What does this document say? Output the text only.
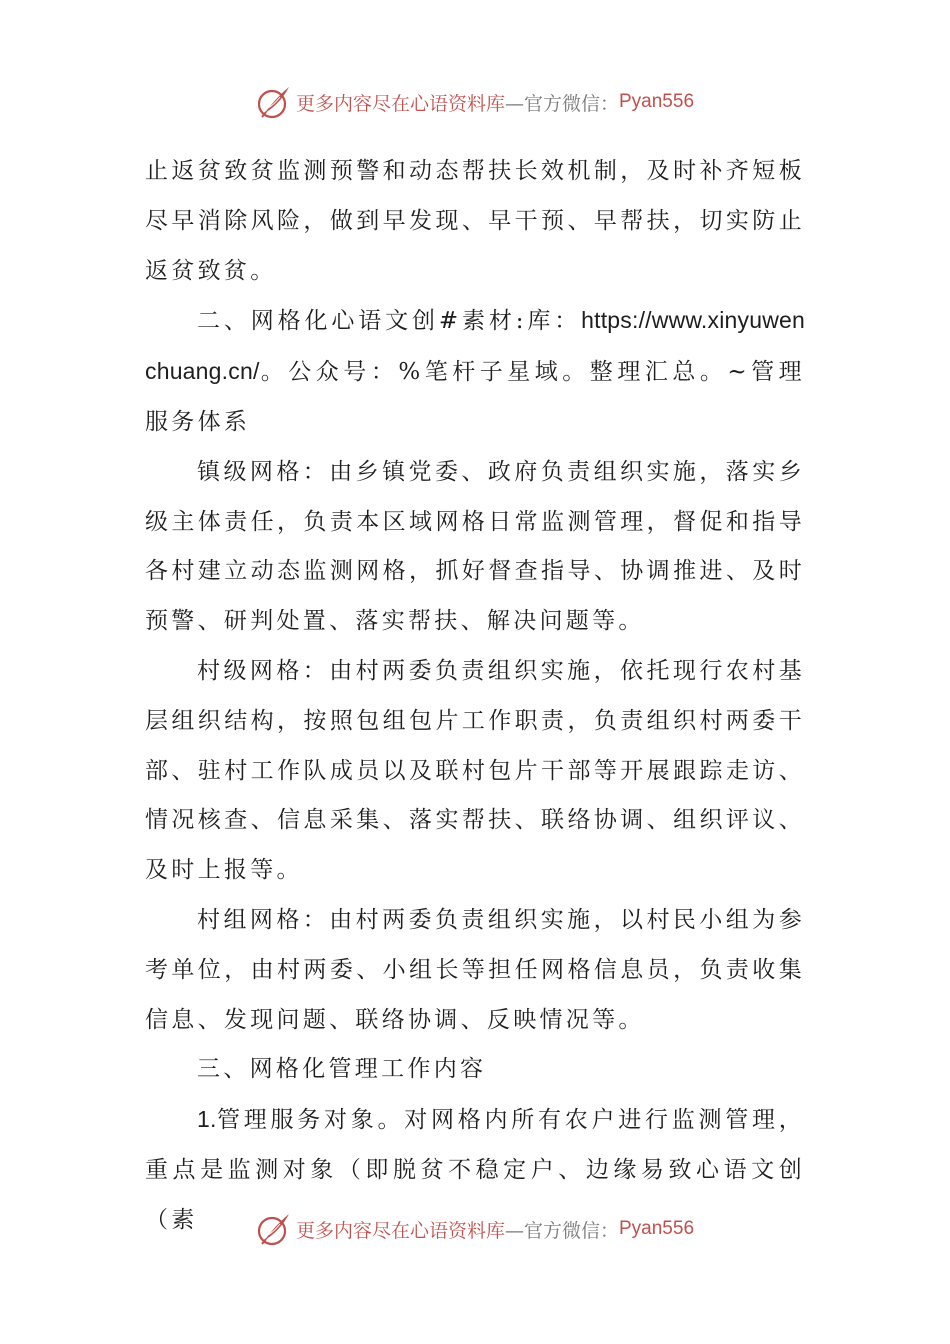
更多内容尽在心语资料库 —官方微信： Pyan556

止返贫致贫监测预警和动态帮扶长效机制，及时补齐短板尽早消除风险，做到早发现、早干预、早帮扶，切实防止返贫致贫。

二、网格化心语文创#素材:库：https://www.xinyuwenchuang.cn/。公众号：%笔杆子星域。整理汇总。~管理服务体系

镇级网格：由乡镇党委、政府负责组织实施，落实乡级主体责任，负责本区域网格日常监测管理，督促和指导各村建立动态监测网格，抓好督查指导、协调推进、及时预警、研判处置、落实帮扶、解决问题等。

村级网格：由村两委负责组织实施，依托现行农村基层组织结构，按照包组包片工作职责，负责组织村两委干部、驻村工作队成员以及联村包片干部等开展跟踪走访、情况核查、信息采集、落实帮扶、联络协调、组织评议、及时上报等。

村组网格：由村两委负责组织实施，以村民小组为参考单位，由村两委、小组长等担任网格信息员，负责收集信息、发现问题、联络协调、反映情况等。

三、网格化管理工作内容

1.管理服务对象。对网格内所有农户进行监测管理，重点是监测对象（即脱贫不稳定户、边缘易致心语文创（素	更多内容尽在心语资料库 —官方微信： Pyan556
